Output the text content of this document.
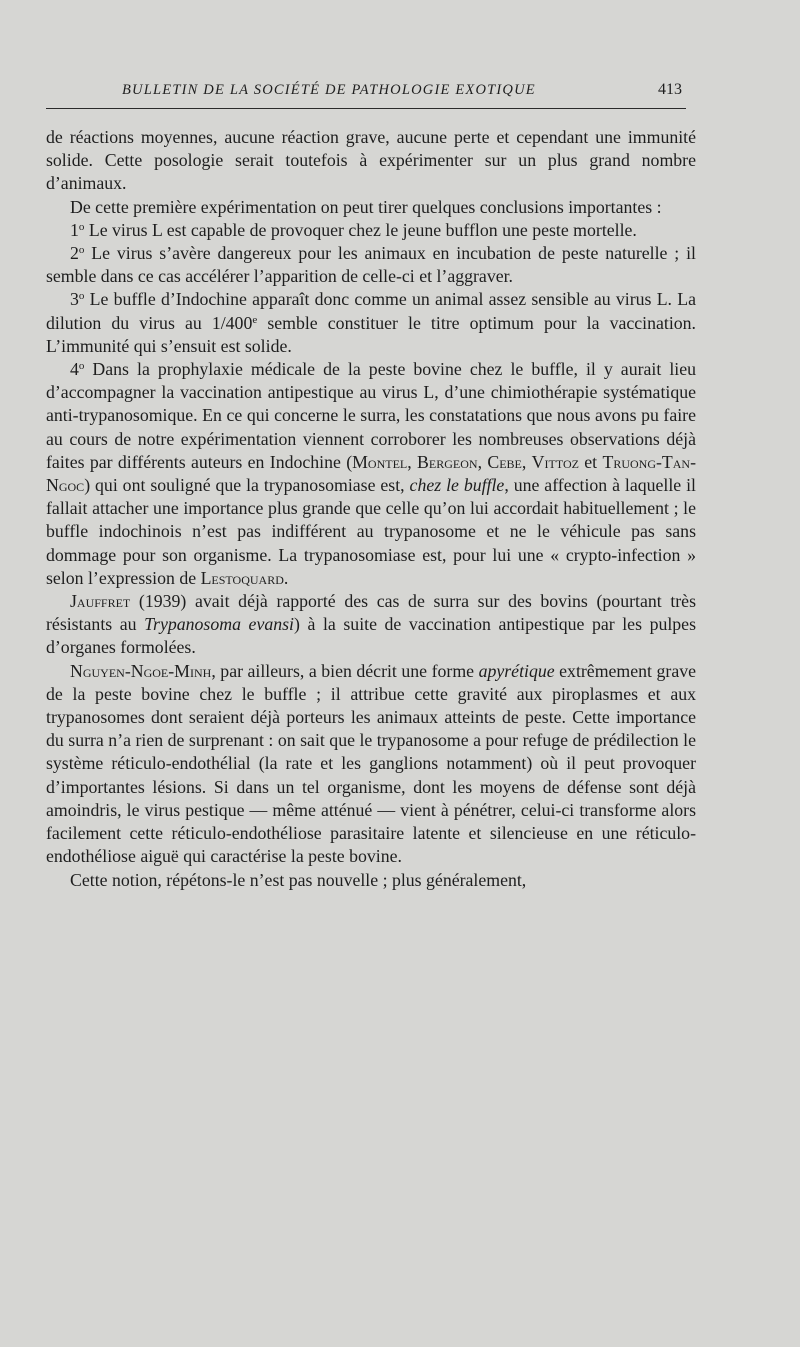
BULLETIN DE LA SOCIÉTÉ DE PATHOLOGIE EXOTIQUE	413

de réactions moyennes, aucune réaction grave, aucune perte et cependant une immunité solide. Cette posologie serait toutefois à expérimenter sur un plus grand nombre d’animaux.

De cette première expérimentation on peut tirer quelques conclusions importantes :

1$^o$ Le virus L est capable de provoquer chez le jeune bufflon une peste mortelle.

2$^o$ Le virus s’avère dangereux pour les animaux en incubation de peste naturelle ; il semble dans ce cas accélérer l’apparition de celle-ci et l’aggraver.

3$^o$ Le buffle d’Indochine apparaît donc comme un animal assez sensible au virus L. La dilution du virus au 1/400e semble constituer le titre optimum pour la vaccination. L’immunité qui s’ensuit est solide.

4$^o$ Dans la prophylaxie médicale de la peste bovine chez le buffle, il y aurait lieu d’accompagner la vaccination antipestique au virus L, d’une chimiothérapie systématique anti-trypanosomique. En ce qui concerne le surra, les constatations que nous avons pu faire au cours de notre expérimentation viennent corroborer les nombreuses observations déjà faites par différents auteurs en Indochine (Montel, Bergeon, Cebe, Vittoz et Truong-Tan-Ngoc) qui ont souligné que la trypanosomiase est, chez le buffle, une affection à laquelle il fallait attacher une importance plus grande que celle qu’on lui accordait habituellement ; le buffle indochinois n’est pas indifférent au trypanosome et ne le véhicule pas sans dommage pour son organisme. La trypanosomiase est, pour lui une « crypto-infection » selon l’expression de Lestoquard.

Jauffret (1939) avait déjà rapporté des cas de surra sur des bovins (pourtant très résistants au Trypanosoma evansi) à la suite de vaccination antipestique par les pulpes d’organes formolées.

Nguyen-Ngoe-Minh, par ailleurs, a bien décrit une forme apyrétique extrêmement grave de la peste bovine chez le buffle ; il attribue cette gravité aux piroplasmes et aux trypanosomes dont seraient déjà porteurs les animaux atteints de peste. Cette importance du surra n’a rien de surprenant : on sait que le trypanosome a pour refuge de prédilection le système réticulo-endothélial (la rate et les ganglions notamment) où il peut provoquer d’importantes lésions. Si dans un tel organisme, dont les moyens de défense sont déjà amoindris, le virus pestique — même atténué — vient à pénétrer, celui-ci transforme alors facilement cette réticulo-endothéliose parasitaire latente et silencieuse en une réticulo-endothéliose aiguë qui caractérise la peste bovine.

Cette notion, répétons-le n’est pas nouvelle ; plus généralement,
